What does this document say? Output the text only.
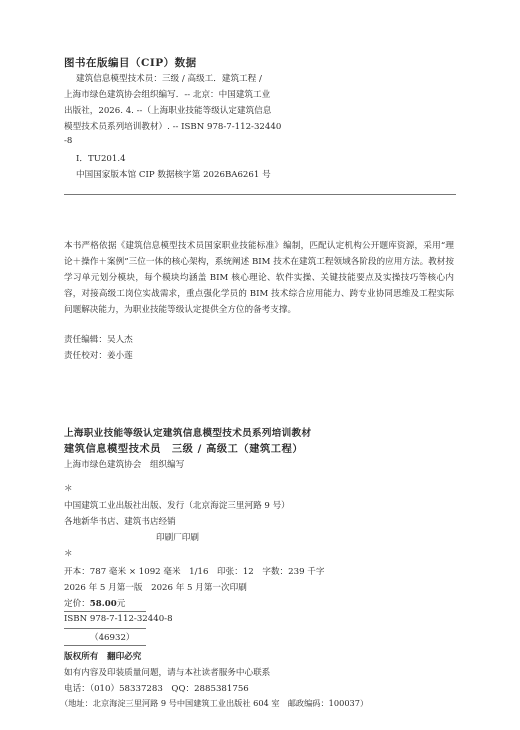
图书在版编目（CIP）数据
建筑信息模型技术员：三级 / 高级工．建筑工程 /
上海市绿色建筑协会组织编写．-- 北京：中国建筑工业
出版社，2026. 4. --（上海职业技能等级认定建筑信息
模型技术员系列培训教材）. -- ISBN 978-7-112-32440
-8
Ⅰ．TU201.4
中国国家版本馆 CIP 数据核字第 2026BA6261 号
本书严格依据《建筑信息模型技术员国家职业技能标准》编制，匹配认定机构公开题库资源，采用“理论＋操作＋案例”三位一体的核心架构，系统阐述 BIM 技术在建筑工程领域各阶段的应用方法。教材按学习单元划分模块，每个模块均涵盖 BIM 核心理论、软件实操、关键技能要点及实操技巧等核心内容，对接高级工岗位实战需求，重点强化学员的 BIM 技术综合应用能力、跨专业协同思维及工程实际问题解决能力，为职业技能等级认定提供全方位的备考支撑。
责任编辑：吴人杰
责任校对：姜小莲
上海职业技能等级认定建筑信息模型技术员系列培训教材
建筑信息模型技术员　三级 / 高级工（建筑工程）
上海市绿色建筑协会　组织编写
＊
中国建筑工业出版社出版、发行（北京海淀三里河路 9 号）
各地新华书店、建筑书店经销
印刷厂印刷
＊
开本：787 毫米 × 1092 毫米　1/16　印张：12　字数：239 千字
2026 年 5 月第一版　2026 年 5 月第一次印刷
定价：58.00元
ISBN 978-7-112-32440-8
（46932）
版权所有　翻印必究
如有内容及印装质量问题，请与本社读者服务中心联系
电话：（010）58337283　QQ：2885381756
（地址：北京海淀三里河路 9 号中国建筑工业出版社 604 室　邮政编码：100037）
